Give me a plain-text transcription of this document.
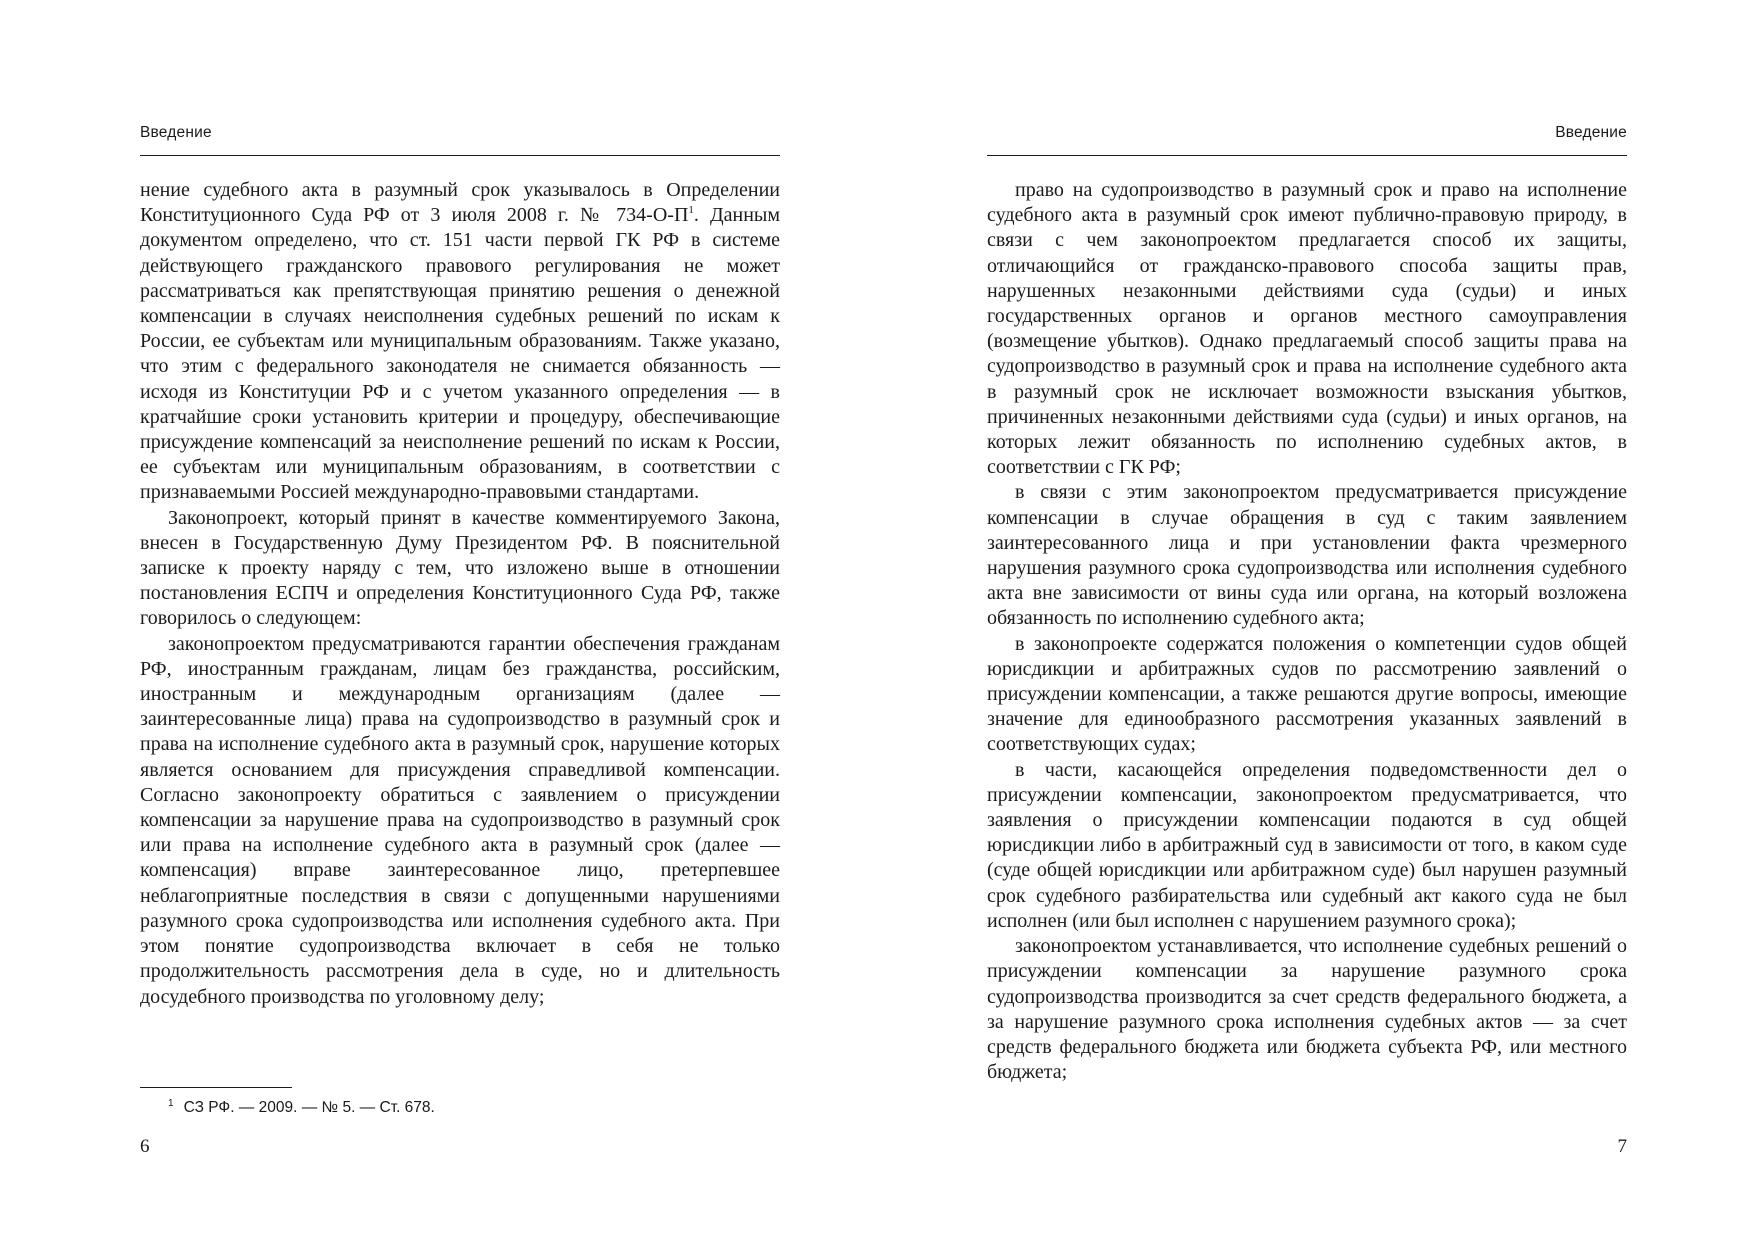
Введение

нение судебного акта в разумный срок указывалось в Определении Конституционного Суда РФ от 3 июля 2008 г. № $734-О-П^1$. Данным документом определено, что ст. 151 части первой ГК РФ в системе действующего гражданского правового регулирования не может рассматриваться как препятствующая принятию решения о денежной компенсации в случаях неисполнения судебных решений по искам к России, ее субъектам или муниципальным образованиям. Также указано, что этим с федерального законодателя не снимается обязанность — исходя из Конституции РФ и с учетом указанного определения — в кратчайшие сроки установить критерии и процедуру, обеспечивающие присуждение компенсаций за неисполнение решений по искам к России, ее субъектам или муниципальным образованиям, в соответствии с признаваемыми Россией международно-правовыми стандартами.

Законопроект, который принят в качестве комментируемого Закона, внесен в Государственную Думу Президентом РФ. В пояснительной записке к проекту наряду с тем, что изложено выше в отношении постановления ЕСПЧ и определения Конституционного Суда РФ, также говорилось о следующем:

законопроектом предусматриваются гарантии обеспечения гражданам РФ, иностранным гражданам, лицам без гражданства, российским, иностранным и международным организациям (далее — заинтересованные лица) права на судопроизводство в разумный срок и права на исполнение судебного акта в разумный срок, нарушение которых является основанием для присуждения справедливой компенсации. Согласно законопроекту обратиться с заявлением о присуждении компенсации за нарушение права на судопроизводство в разумный срок или права на исполнение судебного акта в разумный срок (далее — компенсация) вправе заинтересованное лицо, претерпевшее неблагоприятные последствия в связи с допущенными нарушениями разумного срока судопроизводства или исполнения судебного акта. При этом понятие судопроизводства включает в себя не только продолжительность рассмотрения дела в суде, но и длительность досудебного производства по уголовному делу;

$^1$ СЗ РФ. — 2009. — № 5. — Ст. 678.
6
Введение

право на судопроизводство в разумный срок и право на исполнение судебного акта в разумный срок имеют публично-правовую природу, в связи с чем законопроектом предлагается способ их защиты, отличающийся от гражданско-правового способа защиты прав, нарушенных незаконными действиями суда (судьи) и иных государственных органов и органов местного самоуправления (возмещение убытков). Однако предлагаемый способ защиты права на судопроизводство в разумный срок и права на исполнение судебного акта в разумный срок не исключает возможности взыскания убытков, причиненных незаконными действиями суда (судьи) и иных органов, на которых лежит обязанность по исполнению судебных актов, в соответствии с ГК РФ;

в связи с этим законопроектом предусматривается присуждение компенсации в случае обращения в суд с таким заявлением заинтересованного лица и при установлении факта чрезмерного нарушения разумного срока судопроизводства или исполнения судебного акта вне зависимости от вины суда или органа, на который возложена обязанность по исполнению судебного акта;

в законопроекте содержатся положения о компетенции судов общей юрисдикции и арбитражных судов по рассмотрению заявлений о присуждении компенсации, а также решаются другие вопросы, имеющие значение для единообразного рассмотрения указанных заявлений в соответствующих судах;

в части, касающейся определения подведомственности дел о присуждении компенсации, законопроектом предусматривается, что заявления о присуждении компенсации подаются в суд общей юрисдикции либо в арбитражный суд в зависимости от того, в каком суде (суде общей юрисдикции или арбитражном суде) был нарушен разумный срок судебного разбирательства или судебный акт какого суда не был исполнен (или был исполнен с нарушением разумного срока);

законопроектом устанавливается, что исполнение судебных решений о присуждении компенсации за нарушение разумного срока судопроизводства производится за счет средств федерального бюджета, а за нарушение разумного срока исполнения судебных актов — за счет средств федерального бюджета или бюджета субъекта РФ, или местного бюджета;

7
